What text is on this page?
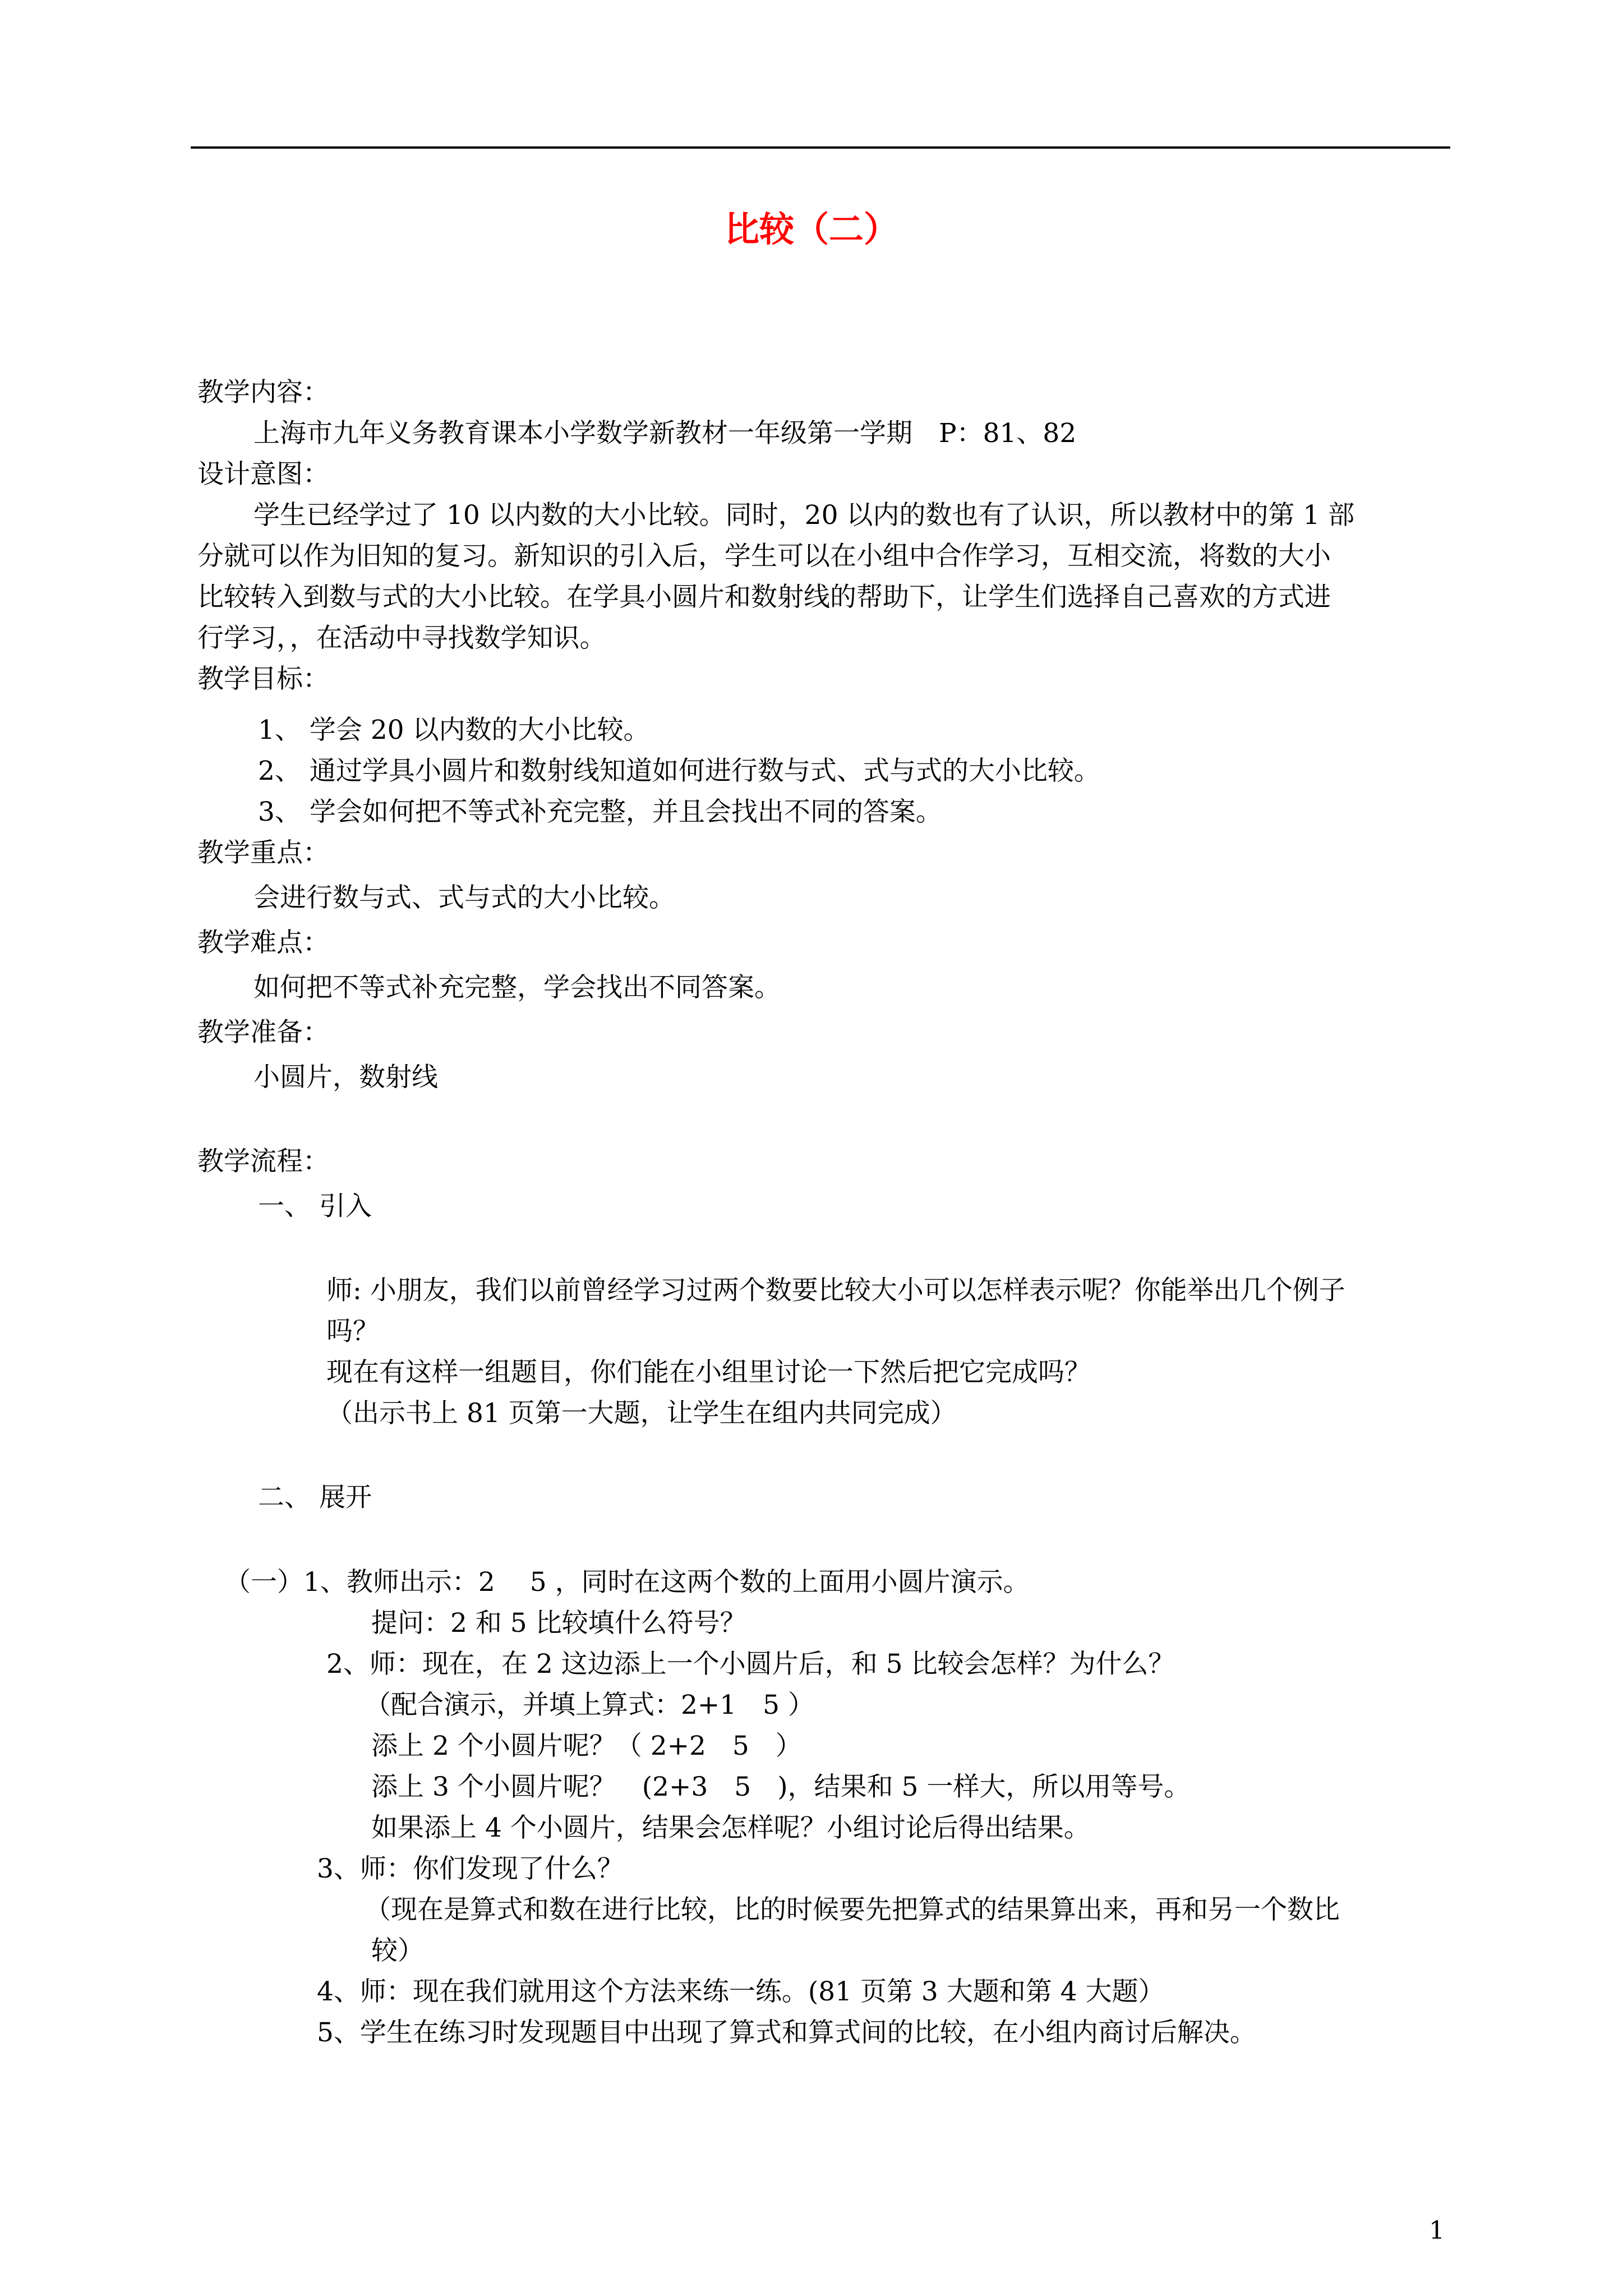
比较（二）
教学内容：
上海市九年义务教育课本小学数学新教材一年级第一学期　P：81、82
设计意图：
学生已经学过了 10 以内数的大小比较。同时，20 以内的数也有了认识，所以教材中的第 1 部
分就可以作为旧知的复习。新知识的引入后，学生可以在小组中合作学习，互相交流，将数的大小
比较转入到数与式的大小比较。在学具小圆片和数射线的帮助下，让学生们选择自己喜欢的方式进
行学习，，在活动中寻找数学知识。
教学目标：
1、 学会 20 以内数的大小比较。
2、 通过学具小圆片和数射线知道如何进行数与式、式与式的大小比较。
3、 学会如何把不等式补充完整，并且会找出不同的答案。
教学重点：
会进行数与式、式与式的大小比较。
教学难点：
如何把不等式补充完整，学会找出不同答案。
教学准备：
小圆片，数射线
教学流程：
一、 引入
师: 小朋友，我们以前曾经学习过两个数要比较大小可以怎样表示呢？你能举出几个例子
吗？
现在有这样一组题目，你们能在小组里讨论一下然后把它完成吗？
（出示书上 81 页第一大题，让学生在组内共同完成）
二、 展开
（一）1、教师出示：2　 5 ，同时在这两个数的上面用小圆片演示。
提问：2 和 5 比较填什么符号？
2、师：现在，在 2 这边添上一个小圆片后，和 5 比较会怎样？为什么？
（配合演示，并填上算式：2+1　5 ）
添上 2 个小圆片呢？（ 2+2　5　）
添上 3 个小圆片呢？　(2+3　5　)，结果和 5 一样大，所以用等号。
如果添上 4 个小圆片，结果会怎样呢？小组讨论后得出结果。
3、师：你们发现了什么？
（现在是算式和数在进行比较，比的时候要先把算式的结果算出来，再和另一个数比
较）
4、师：现在我们就用这个方法来练一练。(81 页第 3 大题和第 4 大题）
5、学生在练习时发现题目中出现了算式和算式间的比较，在小组内商讨后解决。
1
